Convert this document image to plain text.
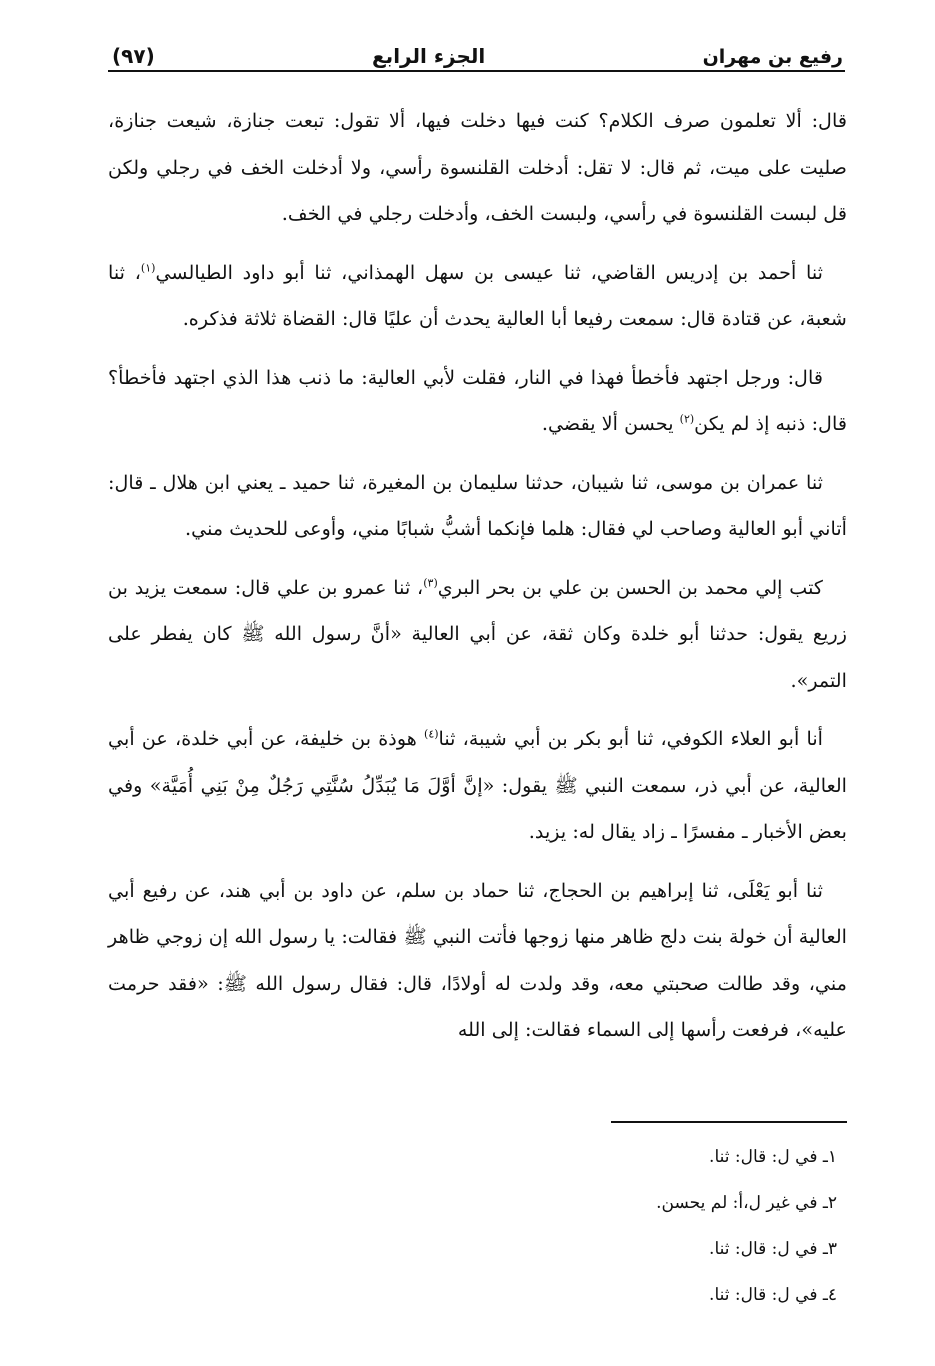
رفيع بن مهران
الجزء الرابع
(٩٧)

قال: ألا تعلمون صرف الكلام؟ كنت فيها دخلت فيها، ألا تقول: تبعت جنازة، شيعت جنازة، صليت على ميت، ثم قال: لا تقل: أدخلت القلنسوة رأسي، ولا أدخلت الخف في رجلي ولكن قل لبست القلنسوة في رأسي، ولبست الخف، وأدخلت رجلي في الخف.

ثنا أحمد بن إدريس القاضي، ثنا عيسى بن سهل الهمذاني، ثنا أبو داود الطيالسي$^{(١)}$، ثنا شعبة، عن قتادة قال: سمعت رفيعا أبا العالية يحدث أن عليًا قال: القضاة ثلاثة فذكره.

قال: ورجل اجتهد فأخطأ فهذا في النار، فقلت لأبي العالية: ما ذنب هذا الذي اجتهد فأخطأ؟ قال: ذنبه إذ لم يكن$^{(٢)}$ يحسن ألا يقضي.

ثنا عمران بن موسى، ثنا شيبان، حدثنا سليمان بن المغيرة، ثنا حميد ـ يعني ابن هلال ـ قال: أتاني أبو العالية وصاحب لي فقال: هلما فإنكما أشبُّ شبابًا مني، وأوعى للحديث مني.

كتب إلي محمد بن الحسن بن علي بن بحر البري$^{(٣)}$، ثنا عمرو بن علي قال: سمعت يزيد بن زريع يقول: حدثنا أبو خلدة وكان ثقة، عن أبي العالية «أنَّ رسول الله ﷺ كان يفطر على التمر».

أنا أبو العلاء الكوفي، ثنا أبو بكر بن أبي شيبة، ثنا$^{(٤)}$ هوذة بن خليفة، عن أبي خلدة، عن أبي العالية، عن أبي ذر، سمعت النبي ﷺ يقول: «إنَّ أوَّلَ مَا يُبَدِّلُ سُنَّتِي رَجُلٌ مِنْ بَنِي أُمَيَّة» وفي بعض الأخبار ـ مفسرًا ـ زاد يقال له: يزيد.

ثنا أبو يَعْلَى، ثنا إبراهيم بن الحجاج، ثنا حماد بن سلم، عن داود بن أبي هند، عن رفيع أبي العالية أن خولة بنت دلج ظاهر منها زوجها فأتت النبي ﷺ فقالت: يا رسول الله إن زوجي ظاهر مني، وقد طالت صحبتي معه، وقد ولدت له أولادًا، قال: فقال رسول الله ﷺ: «فقد حرمت عليه»، فرفعت رأسها إلى السماء فقالت: إلى الله

١ـ في ل: قال: ثنا.

٢ـ في غير ل،أ: لم يحسن.

٣ـ في ل: قال: ثنا.

٤ـ في ل: قال: ثنا.
